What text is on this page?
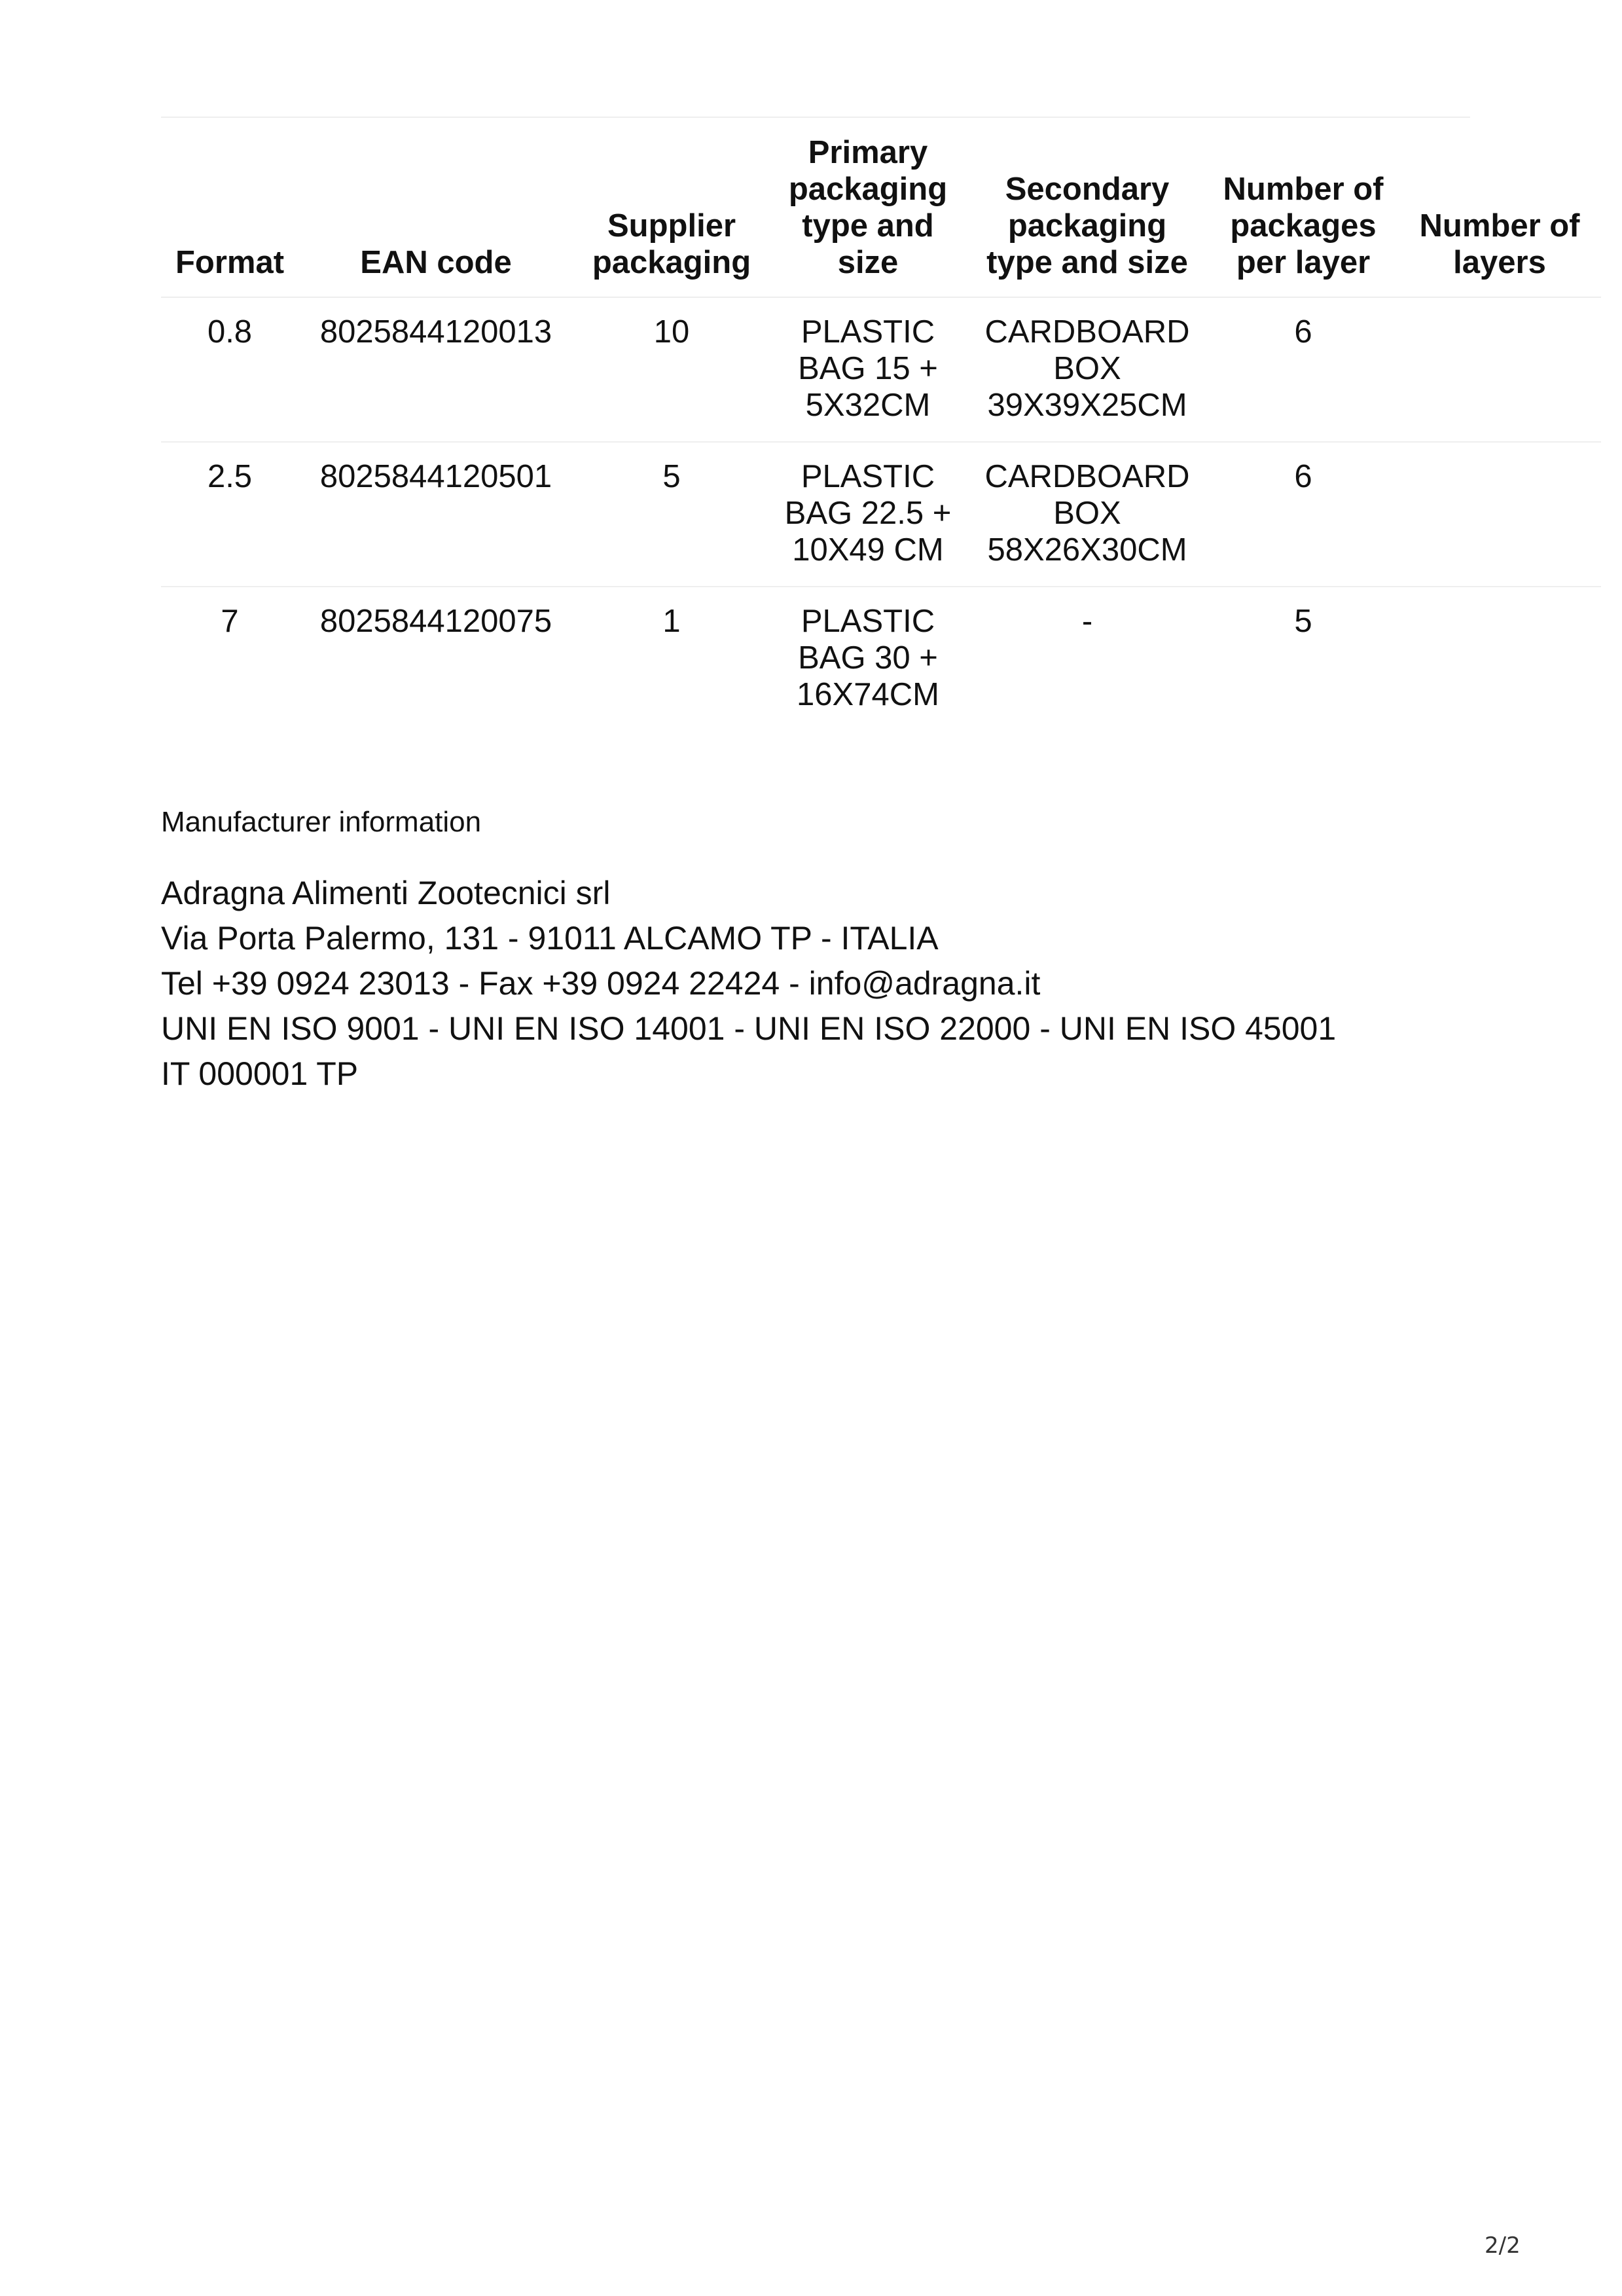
Format	EAN code	Supplier packaging	Primary packaging type and size	Secondary packaging type and size	Number of packages per layer	Number of layers
0.8	8025844120013	10	PLASTIC BAG 15 + 5X32CM	CARDBOARD BOX 39X39X25CM	6	
2.5	8025844120501	5	PLASTIC BAG 22.5 + 10X49 CM	CARDBOARD BOX 58X26X30CM	6	
7	8025844120075	1	PLASTIC BAG 30 + 16X74CM	-	5	
Manufacturer information
Adragna Alimenti Zootecnici srl
Via Porta Palermo, 131 - 91011 ALCAMO TP - ITALIA
Tel +39 0924 23013 - Fax +39 0924 22424 - info@adragna.it
UNI EN ISO 9001 - UNI EN ISO 14001 - UNI EN ISO 22000 - UNI EN ISO 45001
IT 000001 TP
2/2
